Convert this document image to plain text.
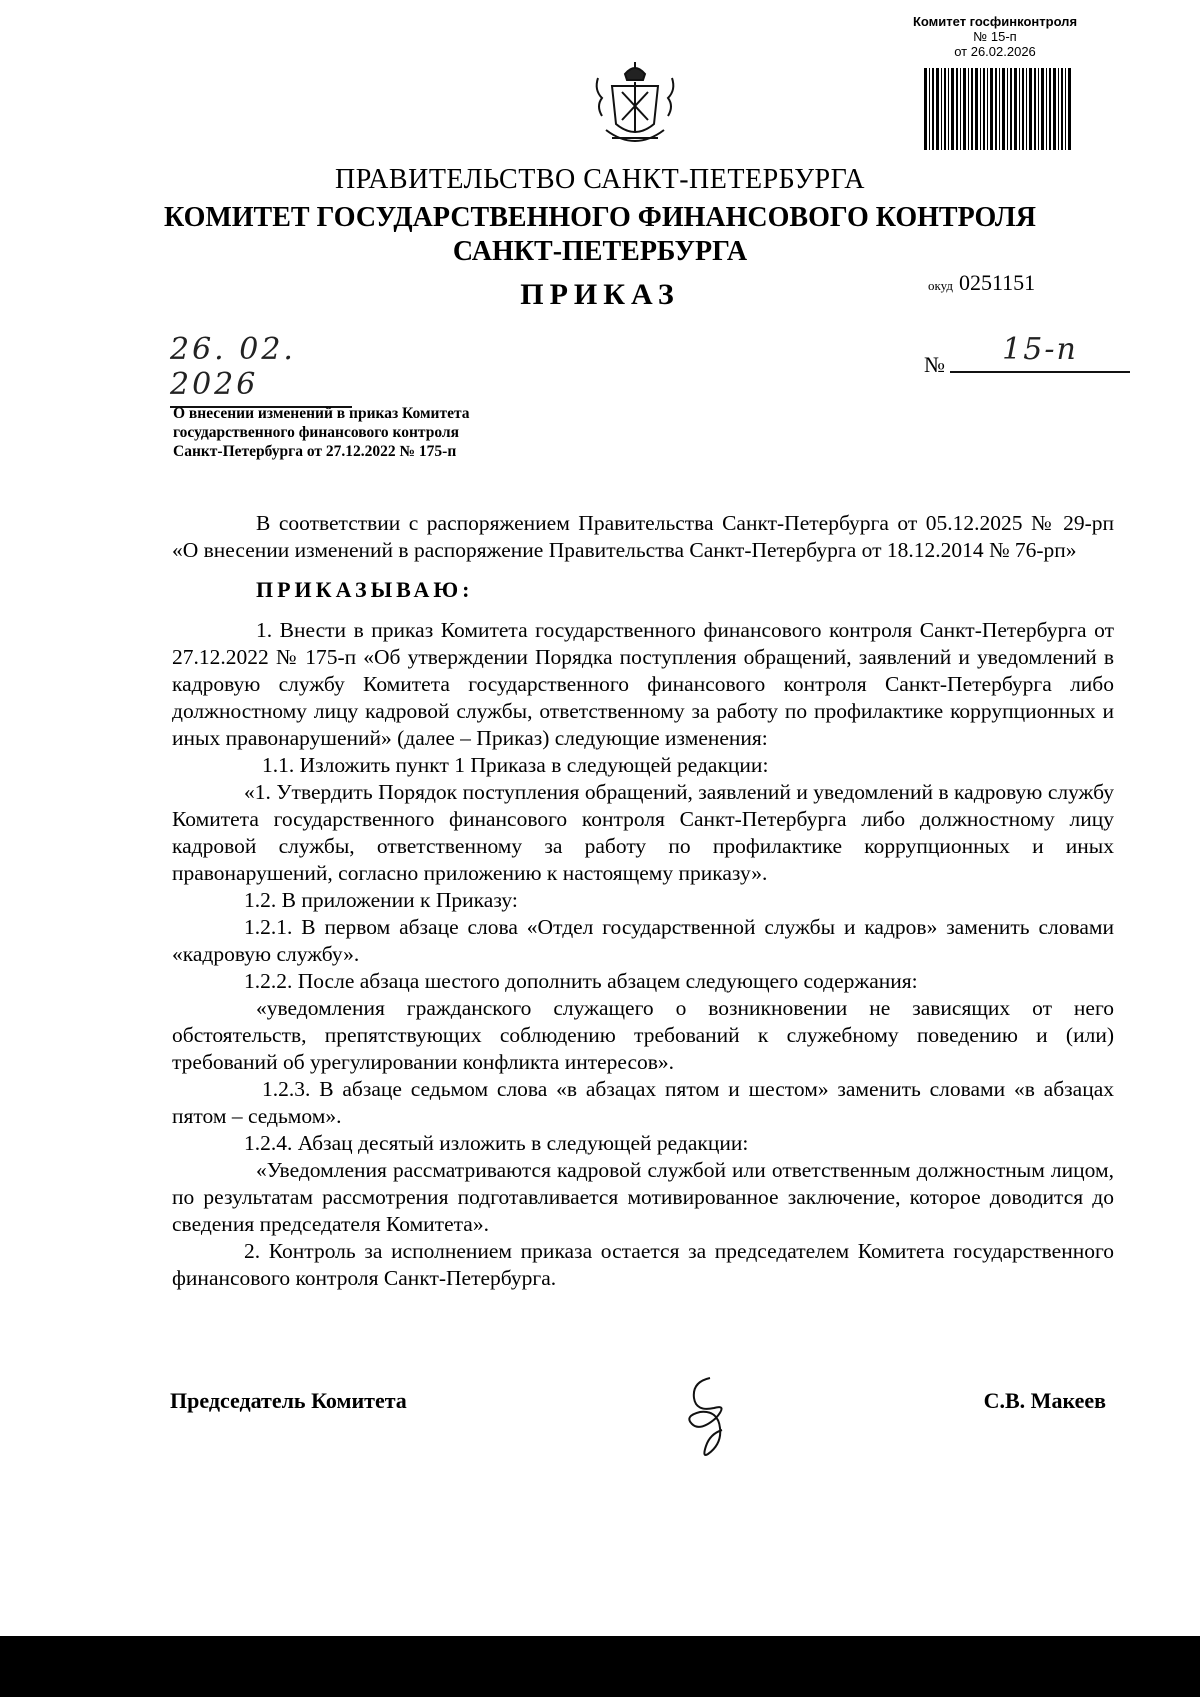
Комитет госфинконтроля
№ 15-п
от 26.02.2026
ПРАВИТЕЛЬСТВО САНКТ-ПЕТЕРБУРГА
КОМИТЕТ ГОСУДАРСТВЕННОГО ФИНАНСОВОГО КОНТРОЛЯ
САНКТ-ПЕТЕРБУРГА
ПРИКАЗ	окуд 0251151
26. 02. 2026
№	15-п
О внесении изменений в приказ Комитета
государственного финансового контроля
Санкт-Петербурга от 27.12.2022 № 175-п

В соответствии с распоряжением Правительства Санкт-Петербурга от 05.12.2025 № 29-рп «О внесении изменений в распоряжение Правительства Санкт-Петербурга от 18.12.2014 № 76-рп»

ПРИКАЗЫВАЮ:

1. Внести в приказ Комитета государственного финансового контроля Санкт-Петербурга от 27.12.2022 № 175-п «Об утверждении Порядка поступления обращений, заявлений и уведомлений в кадровую службу Комитета государственного финансового контроля Санкт-Петербурга либо должностному лицу кадровой службы, ответственному за работу по профилактике коррупционных и иных правонарушений» (далее – Приказ) следующие изменения:

1.1. Изложить пункт 1 Приказа в следующей редакции:

«1. Утвердить Порядок поступления обращений, заявлений и уведомлений в кадровую службу Комитета государственного финансового контроля Санкт-Петербурга либо должностному лицу кадровой службы, ответственному за работу по профилактике коррупционных и иных правонарушений, согласно приложению к настоящему приказу».

1.2. В приложении к Приказу:

1.2.1. В первом абзаце слова «Отдел государственной службы и кадров» заменить словами «кадровую службу».

1.2.2. После абзаца шестого дополнить абзацем следующего содержания:

«уведомления гражданского служащего о возникновении не зависящих от него обстоятельств, препятствующих соблюдению требований к служебному поведению и (или) требований об урегулировании конфликта интересов».

1.2.3. В абзаце седьмом слова «в абзацах пятом и шестом» заменить словами «в абзацах пятом – седьмом».

1.2.4. Абзац десятый изложить в следующей редакции:

«Уведомления рассматриваются кадровой службой или ответственным должностным лицом, по результатам рассмотрения подготавливается мотивированное заключение, которое доводится до сведения председателя Комитета».

2. Контроль за исполнением приказа остается за председателем Комитета государственного финансового контроля Санкт-Петербурга.

Председатель Комитета	С.В. Макеев
